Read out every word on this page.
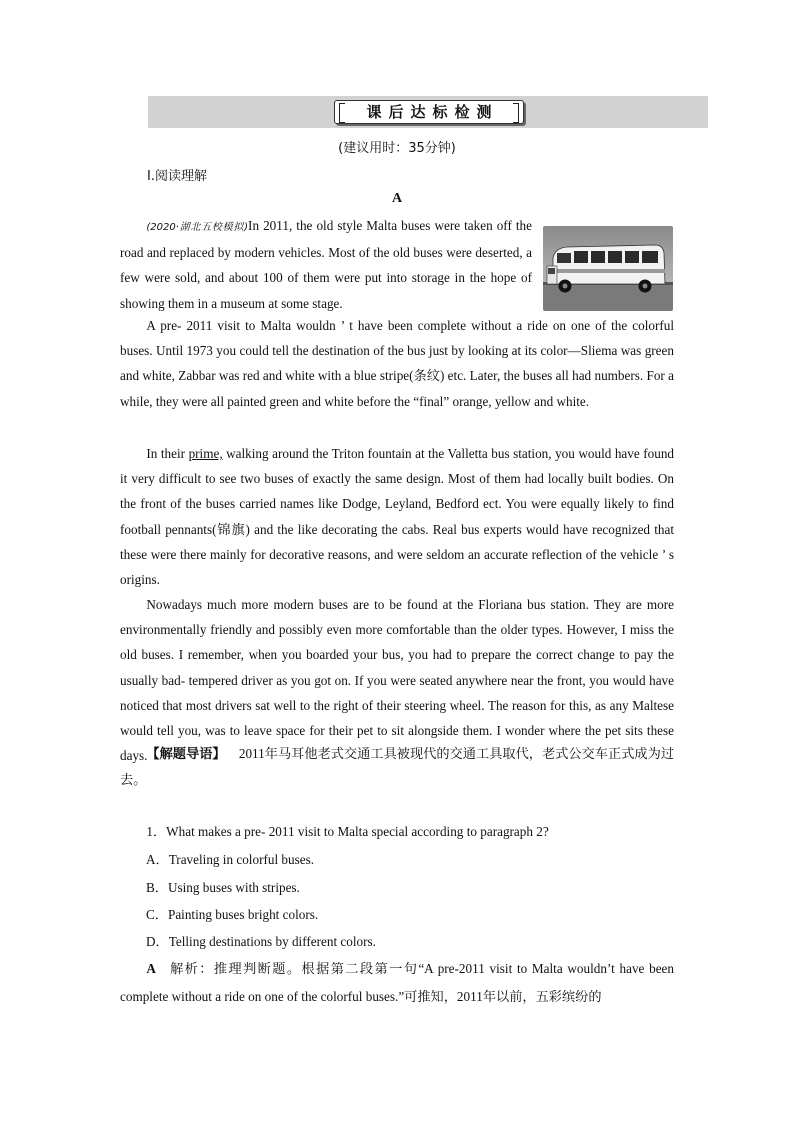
课后达标检测
(建议用时：35分钟)
Ⅰ.阅读理解
A
(2020·湖北五校模拟)In 2011, the old style Malta buses were taken off the road and replaced by modern vehicles. Most of the old buses were deserted, a few were sold, and about 100 of them were put into storage in the hope of showing them in a museum at some stage.
A pre- 2011 visit to Malta wouldn ’ t have been complete without a ride on one of the colorful buses. Until 1973 you could tell the destination of the bus just by looking at its color—Sliema was green and white, Zabbar was red and white with a blue stripe(条纹) etc. Later, the buses all had numbers. For a while, they were all painted green and white before the “final” orange, yellow and white.
In their prime, walking around the Triton fountain at the Valletta bus station, you would have found it very difficult to see two buses of exactly the same design. Most of them had locally built bodies. On the front of the buses carried names like Dodge, Leyland, Bedford ect. You were equally likely to find football pennants(锦旗) and the like decorating the cabs. Real bus experts would have recognized that these were there mainly for decorative reasons, and were seldom an accurate reflection of the vehicle ’ s origins.
Nowadays much more modern buses are to be found at the Floriana bus station. They are more environmentally friendly and possibly even more comfortable than the older types. However, I miss the old buses. I remember, when you boarded your bus, you had to prepare the correct change to pay the usually bad- tempered driver as you got on. If you were seated anywhere near the front, you would have noticed that most drivers sat well to the right of their steering wheel. The reason for this, as any Maltese would tell you, was to leave space for their pet to sit alongside them. I wonder where the pet sits these days.
【解题导语】 2011年马耳他老式交通工具被现代的交通工具取代，老式公交车正式成为过去。
1．What makes a pre- 2011 visit to Malta special according to paragraph 2?
A．Traveling in colorful buses.
B．Using buses with stripes.
C．Painting buses bright colors.
D．Telling destinations by different colors.
A 解析：推理判断题。根据第二段第一句“A pre-2011 visit to Malta wouldn’t have been complete without a ride on one of the colorful buses.”可推知，2011年以前，五彩缤纷的
